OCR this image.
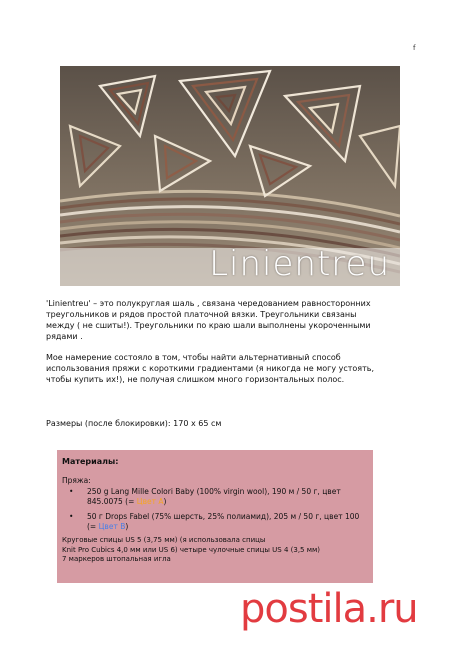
f
Linientreu
'Linientreu' – это полукруглая шаль , связана чередованием равносторонних треугольников и рядов простой платочной вязки. Треугольники связаны между ( не сшиты!). Треугольники по краю шали выполнены укороченными рядами .
Мое намерение состояло в том, чтобы найти альтернативный способ использования пряжи с короткими градиентами (я никогда не могу устоять, чтобы купить их!), не получая слишком много горизонтальных полос.
Размеры (после блокировки): 170 x 65 см
Материалы:
Пряжа:
• 250 g Lang Mille Colori Baby (100% virgin wool), 190 м / 50 г, цвет 845.0075 (= Цвет A)
• 50 г Drops Fabel (75% шерсть, 25% полиамид), 205 м / 50 г, цвет 100 (= Цвет B)
Круговые спицы US 5 (3,75 мм) (я использовала спицы
Knit Pro Cubics 4,0 мм или US 6) четыре чулочные спицы US 4 (3,5 мм)
7 маркеров штопальная игла
postila.ru
